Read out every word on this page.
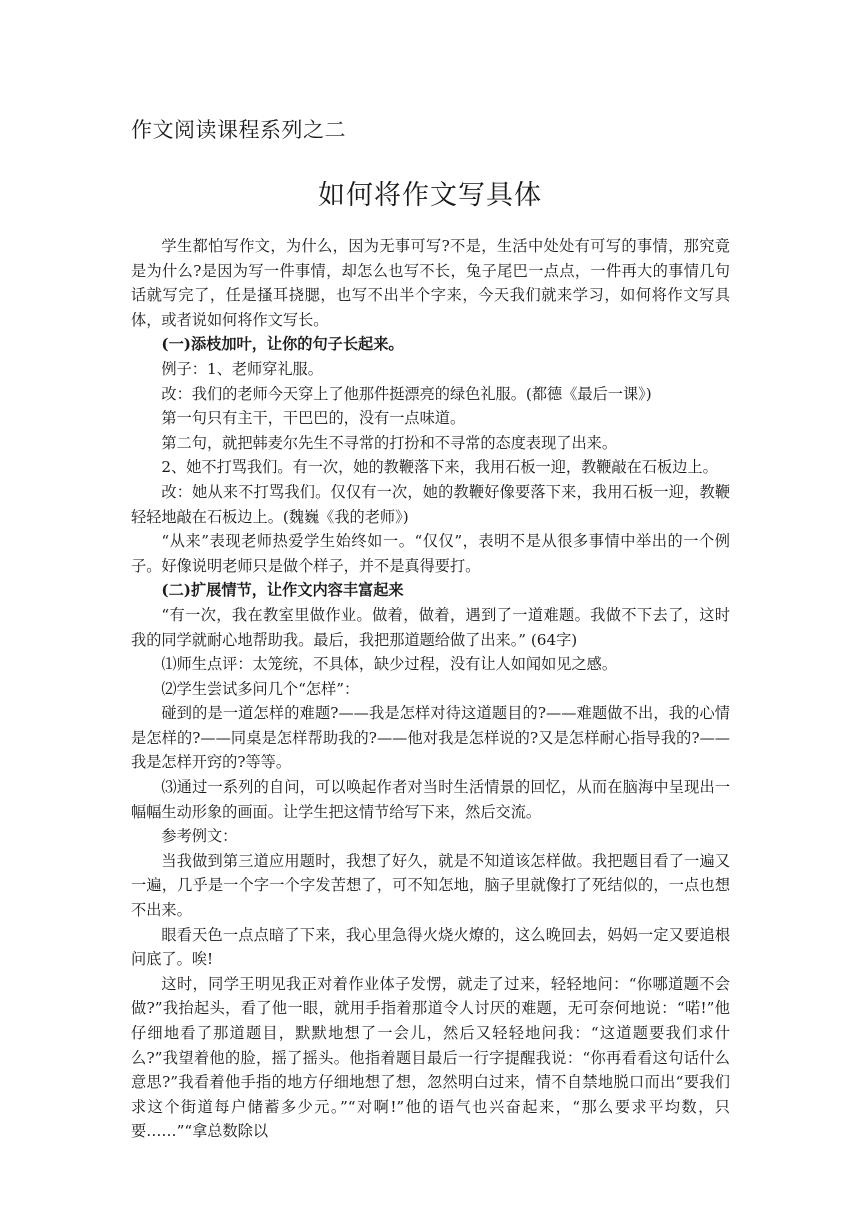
作文阅读课程系列之二
如何将作文写具体

学生都怕写作文，为什么，因为无事可写?不是，生活中处处有可写的事情，那究竟是为什么?是因为写一件事情，却怎么也写不长，兔子尾巴一点点，一件再大的事情几句话就写完了，任是搔耳挠腮，也写不出半个字来，今天我们就来学习，如何将作文写具体，或者说如何将作文写长。

(一)添枝加叶，让你的句子长起来。

例子：1、老师穿礼服。

改：我们的老师今天穿上了他那件挺漂亮的绿色礼服。(都德《最后一课》)

第一句只有主干，干巴巴的，没有一点味道。

第二句，就把韩麦尔先生不寻常的打扮和不寻常的态度表现了出来。

2、她不打骂我们。有一次，她的教鞭落下来，我用石板一迎，教鞭敲在石板边上。

改：她从来不打骂我们。仅仅有一次，她的教鞭好像要落下来，我用石板一迎，教鞭轻轻地敲在石板边上。(魏巍《我的老师》)

“从来”表现老师热爱学生始终如一。“仅仅”，表明不是从很多事情中举出的一个例子。好像说明老师只是做个样子，并不是真得要打。

(二)扩展情节，让作文内容丰富起来

“有一次，我在教室里做作业。做着，做着，遇到了一道难题。我做不下去了，这时我的同学就耐心地帮助我。最后，我把那道题给做了出来。” (64字)

⑴师生点评：太笼统，不具体，缺少过程，没有让人如闻如见之感。

⑵学生尝试多问几个“怎样”：

碰到的是一道怎样的难题?——我是怎样对待这道题目的?——难题做不出，我的心情是怎样的?——同桌是怎样帮助我的?——他对我是怎样说的?又是怎样耐心指导我的?——我是怎样开窍的?等等。

⑶通过一系列的自问，可以唤起作者对当时生活情景的回忆，从而在脑海中呈现出一幅幅生动形象的画面。让学生把这情节给写下来，然后交流。

参考例文：

当我做到第三道应用题时，我想了好久，就是不知道该怎样做。我把题目看了一遍又一遍，几乎是一个字一个字发苦想了，可不知怎地，脑子里就像打了死结似的，一点也想不出来。

眼看天色一点点暗了下来，我心里急得火烧火燎的，这么晚回去，妈妈一定又要追根问底了。唉!

这时，同学王明见我正对着作业体子发愣，就走了过来，轻轻地问：“你哪道题不会做?”我抬起头，看了他一眼，就用手指着那道令人讨厌的难题，无可奈何地说：“喏!”他仔细地看了那道题目，默默地想了一会儿，然后又轻轻地问我：“这道题要我们求什么?”我望着他的脸，摇了摇头。他指着题目最后一行字提醒我说：“你再看看这句话什么意思?”我看着他手指的地方仔细地想了想，忽然明白过来，情不自禁地脱口而出“要我们求这个街道每户储蓄多少元。”“对啊!”他的语气也兴奋起来，“那么要求平均数，只要……”“拿总数除以
